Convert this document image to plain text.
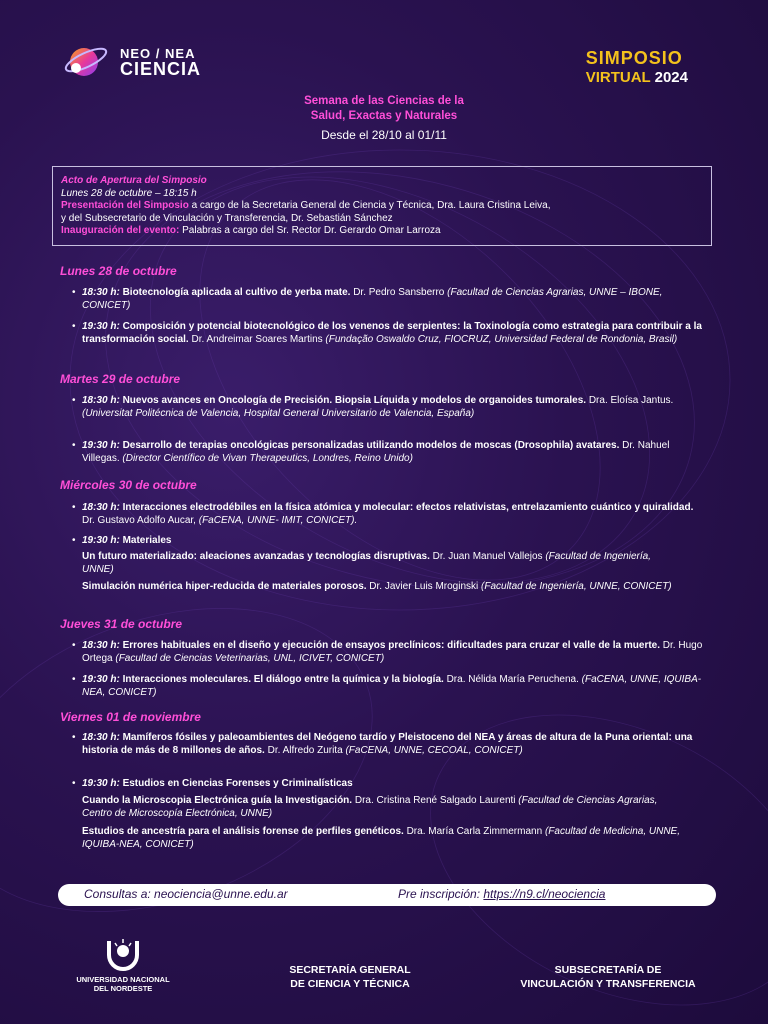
NEO / NEA
CIENCIA
SIMPOSIO
VIRTUAL 2024
Semana de las Ciencias de la
Salud, Exactas y Naturales
Desde el 28/10 al 01/11
Acto de Apertura del Simposio
Lunes 28 de octubre – 18:15 h
Presentación del Simposio a cargo de la Secretaria General de Ciencia y Técnica, Dra. Laura Cristina Leiva,
y del Subsecretario de Vinculación y Transferencia, Dr. Sebastián Sánchez
Inauguración del evento: Palabras a cargo del Sr. Rector Dr. Gerardo Omar Larroza
Lunes 28 de octubre
• 18:30 h: Biotecnología aplicada al cultivo de yerba mate. Dr. Pedro Sansberro (Facultad de Ciencias Agrarias, UNNE – IBONE, CONICET)
• 19:30 h: Composición y potencial biotecnológico de los venenos de serpientes: la Toxinología como estrategia para contribuir a la transformación social. Dr. Andreimar Soares Martins (Fundação Oswaldo Cruz, FIOCRUZ, Universidad Federal de Rondonia, Brasil)
Martes 29 de octubre
• 18:30 h: Nuevos avances en Oncología de Precisión. Biopsia Líquida y modelos de organoides tumorales. Dra. Eloísa Jantus. (Universitat Politécnica de Valencia, Hospital General Universitario de Valencia, España)
• 19:30 h: Desarrollo de terapias oncológicas personalizadas utilizando modelos de moscas (Drosophila) avatares. Dr. Nahuel Villegas. (Director Científico de Vivan Therapeutics, Londres, Reino Unido)
Miércoles 30 de octubre
• 18:30 h: Interacciones electrodébiles en la física atómica y molecular: efectos relativistas, entrelazamiento cuántico y quiralidad. Dr. Gustavo Adolfo Aucar, (FaCENA, UNNE- IMIT, CONICET).
• 19:30 h: Materiales
Un futuro materializado: aleaciones avanzadas y tecnologías disruptivas. Dr. Juan Manuel Vallejos (Facultad de Ingeniería, UNNE)
Simulación numérica hiper-reducida de materiales porosos. Dr. Javier Luis Mroginski (Facultad de Ingeniería, UNNE, CONICET)
Jueves 31 de octubre
• 18:30 h: Errores habituales en el diseño y ejecución de ensayos preclínicos: dificultades para cruzar el valle de la muerte. Dr. Hugo Ortega (Facultad de Ciencias Veterinarias, UNL, ICIVET, CONICET)
• 19:30 h: Interacciones moleculares. El diálogo entre la química y la biología. Dra. Nélida María Peruchena. (FaCENA, UNNE, IQUIBA- NEA, CONICET)
Viernes 01 de noviembre
• 18:30 h: Mamíferos fósiles y paleoambientes del Neógeno tardío y Pleistoceno del NEA y áreas de altura de la Puna oriental: una historia de más de 8 millones de años. Dr. Alfredo Zurita (FaCENA, UNNE, CECOAL, CONICET)
• 19:30 h: Estudios en Ciencias Forenses y Criminalísticas
Cuando la Microscopia Electrónica guía la Investigación. Dra. Cristina René Salgado Laurenti (Facultad de Ciencias Agrarias, Centro de Microscopía Electrónica, UNNE)
Estudios de ancestría para el análisis forense de perfiles genéticos. Dra. María Carla Zimmermann (Facultad de Medicina, UNNE, IQUIBA-NEA, CONICET)
Consultas a: neociencia@unne.edu.ar	Pre inscripción: https://n9.cl/neociencia
UNIVERSIDAD NACIONAL
DEL NORDESTE
SECRETARÍA GENERAL
DE CIENCIA Y TÉCNICA
SUBSECRETARÍA DE
VINCULACIÓN Y TRANSFERENCIA
